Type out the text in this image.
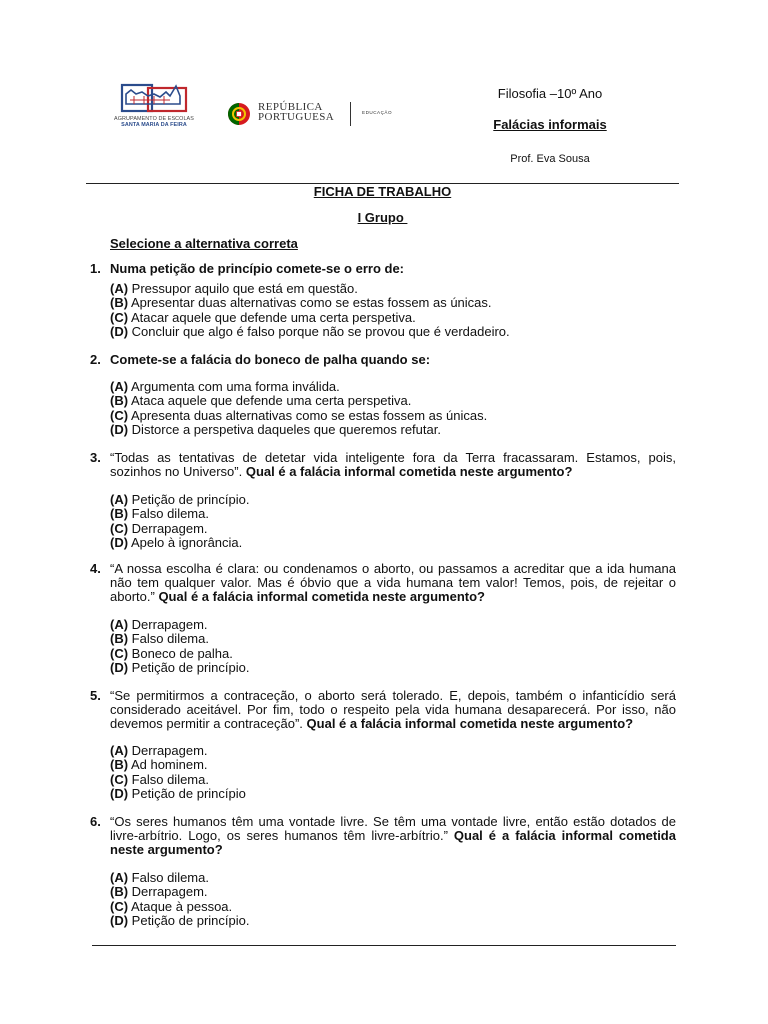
AGRUPAMENTO DE ESCOLAS
SANTA MARIA DA FEIRA
REPÚBLICA
PORTUGUESA	EDUCAÇÃO
Filosofia –10º Ano
Falácias informais
Prof. Eva Sousa
FICHA DE TRABALHO
I Grupo
Selecione a alternativa correta
1. Numa petição de princípio comete-se o erro de:
(A) Pressupor aquilo que está em questão.
(B) Apresentar duas alternativas como se estas fossem as únicas.
(C) Atacar aquele que defende uma certa perspetiva.
(D) Concluir que algo é falso porque não se provou que é verdadeiro.
2. Comete-se a falácia do boneco de palha quando se:
(A) Argumenta com uma forma inválida.
(B) Ataca aquele que defende uma certa perspetiva.
(C) Apresenta duas alternativas como se estas fossem as únicas.
(D) Distorce a perspetiva daqueles que queremos refutar.
3. “Todas as tentativas de detetar vida inteligente fora da Terra fracassaram. Estamos, pois, sozinhos no Universo”. Qual é a falácia informal cometida neste argumento?
(A) Petição de princípio.
(B) Falso dilema.
(C) Derrapagem.
(D) Apelo à ignorância.
4. “A nossa escolha é clara: ou condenamos o aborto, ou passamos a acreditar que a ida humana não tem qualquer valor. Mas é óbvio que a vida humana tem valor! Temos, pois, de rejeitar o aborto.” Qual é a falácia informal cometida neste argumento?
(A) Derrapagem.
(B) Falso dilema.
(C) Boneco de palha.
(D) Petição de princípio.
5. “Se permitirmos a contraceção, o aborto será tolerado. E, depois, também o infanticídio será considerado aceitável. Por fim, todo o respeito pela vida humana desaparecerá. Por isso, não devemos permitir a contraceção”. Qual é a falácia informal cometida neste argumento?
(A) Derrapagem.
(B) Ad hominem.
(C) Falso dilema.
(D) Petição de princípio
6. “Os seres humanos têm uma vontade livre. Se têm uma vontade livre, então estão dotados de livre-arbítrio. Logo, os seres humanos têm livre-arbítrio.” Qual é a falácia informal cometida neste argumento?
(A) Falso dilema.
(B) Derrapagem.
(C) Ataque à pessoa.
(D) Petição de princípio.
